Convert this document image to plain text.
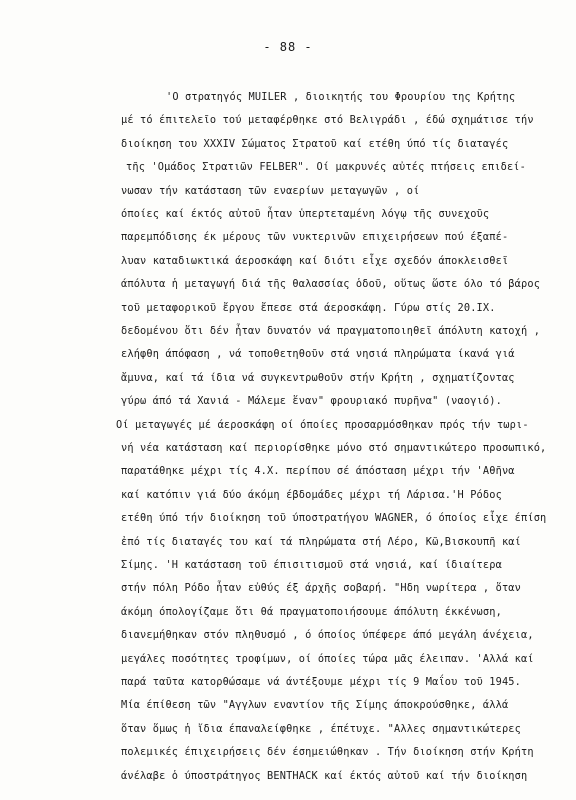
- 88 -
'Ο στρατηγός MUILER , διοικητής του Φρουρίου της Κρήτης
μέ τό έπιτελεῖο τού μεταφέρθηκε στό Βελιγράδι , έδώ σχημάτισε τήν
διοίκηση του XXXIV Σώματος Στρατοῦ καί ετέθη ύπό τίς διαταγές
τῆς 'Ομάδος Στρατιῶν FELBER". Οί μακρυνές αὐτές πτήσεις επιδεί-
νωσαν τήν κατάσταση τῶν εναερίων μεταγωγῶν , οί
όποίες καί έκτός αὐτοῦ ἦταν ὑπερτεταμένη λόγῳ τῆς συνεχοῦς
παρεμπόδισης έκ μέρους τῶν νυκτερινῶν επιχειρήσεων πού έξαπέ-
λυαν καταδιωκτικά άεροσκάφη καί διότι εἶχε σχεδόν άποκλεισθεῖ
άπόλυτα ἡ μεταγωγή διά τῆς θαλασσίας ὁδοῦ, οὕτως ὥστε όλο τό βάρος
τοῦ μεταφορικοῦ ἔργου ἔπεσε στά άεροσκάφη. Γύρω στίς 20.ΙΧ.
δεδομένου ὅτι δέν ἦταν δυνατόν νά πραγματοποιηθεῖ άπόλυτη κατοχή ,
ελήφθη άπόφαση , νά τοποθετηθοῦν στά νησιά πληρώματα ίκανά γιά
ἄμυνα, καί τά ίδια νά συγκεντρωθοῦν στήν Κρήτη , σχηματίζοντας
γύρω άπό τά Χανιά - Μάλεμε ἕναν" φρουριακό πυρῆνα" (ναογιό).
Οί μεταγωγές μέ άεροσκάφη οί όποίες προσαρμόσθηκαν πρός τήν τωρι-
νή νέα κατάσταση καί περιορίσθηκε μόνο στό σημαντικώτερο προσωπικό,
παρατάθηκε μέχρι τίς 4.Χ. περίπου σέ άπόσταση μέχρι τήν 'Αθῆνα
καί κατόπιν γιά δύο άκόμη έβδομάδες μέχρι τή Λάρισα.'Η Ρόδος
ετέθη ύπό τήν διοίκηση τοῦ ύποστρατήγου WAGNER, ό όποίος εἶχε έπίση
ἐπό τίς διαταγές του καί τά πληρώματα στή Λέρο, Κῶ,Βισκουπῆ καί
Σίμης. 'Η κατάσταση τοῦ έπισιτισμοῦ στά νησιά, καί ίδιαίτερα
στήν πόλη Ρόδο ἦταν εὐθύς έξ άρχῆς σοβαρή. "Ηδη νωρίτερα , ὅταν
άκόμη όπολογίζαμε ὅτι θά πραγματοποιήσουμε άπόλυτη έκκένωση,
διανεμήθηκαν στόν πληθυσμό , ό όποίος ύπέφερε άπό μεγάλη άνέχεια,
μεγάλες ποσότητες τροφίμων, οί όποίες τώρα μᾶς έλειπαν. 'Αλλά καί
παρά ταῦτα κατορθώσαμε νά άντέξουμε μέχρι τίς 9 Μαΐου τοῦ 1945.
Μία έπίθεση τῶν "Αγγλων εναντίον τῆς Σίμης άποκρούσθηκε, άλλά
ὅταν ὅμως ἡ ἴδια έπαναλείφθηκε , έπέτυχε. "Αλλες σημαντικώτερες
πολεμικές έπιχειρήσεις δέν έσημειώθηκαν . Τήν διοίκηση στήν Κρήτη
άνέλαβε ὁ ύποστράτηγος BENTHACK καί έκτός αὐτοῦ καί τήν διοίκηση
